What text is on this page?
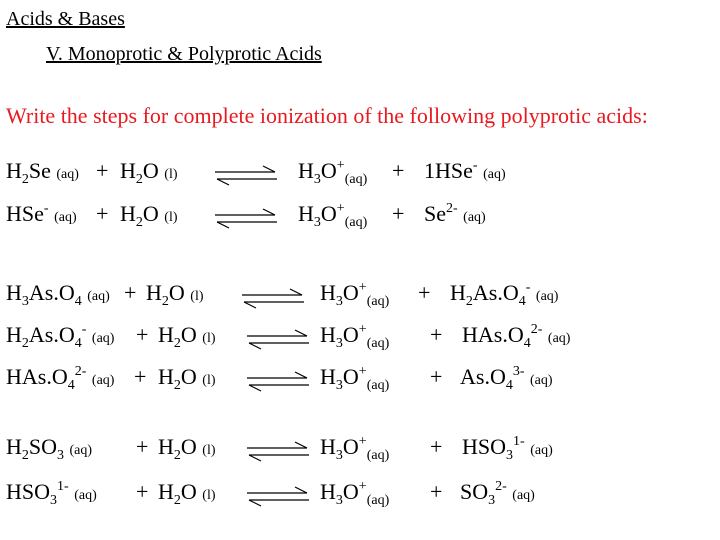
Acids & Bases
V. Monoprotic & Polyprotic Acids
Write the steps for complete ionization of the following polyprotic acids:
$H_2Se$ $(aq) + H_2O$ (l)	$H_3O^+_{(aq)} + 1HSe^-$ (aq)
HSe- $(aq) + H_2O$ (l)	$H_3O^+_{(aq)} + Se^{2-}$ (aq)
$H_3As.O_4$ $(aq) + H_2O$ (l)	$H_3O^+_{(aq)} + H_2As.O_4^-$ (aq)
$H_2As.O_4^-$ $(aq) + H_2O$ (l)	$H_3O^+_{(aq)} + HAs.O_4^{2-}$ (aq)
$HAs.O_4^{2-}$ $(aq) + H_2O$ (l)	$H_3O^+_{(aq)} + As.O_4^{3-}$ (aq)
$H_2SO_3$ $(aq) + H_2O$ (l)	$H_3O^+_{(aq)} + HSO_3^{1-}$ (aq)
$HSO_3^{1-}$ $(aq) + H_2O$ (l)	$H_3O^+_{(aq)} + SO_3^{2-}$ (aq)
